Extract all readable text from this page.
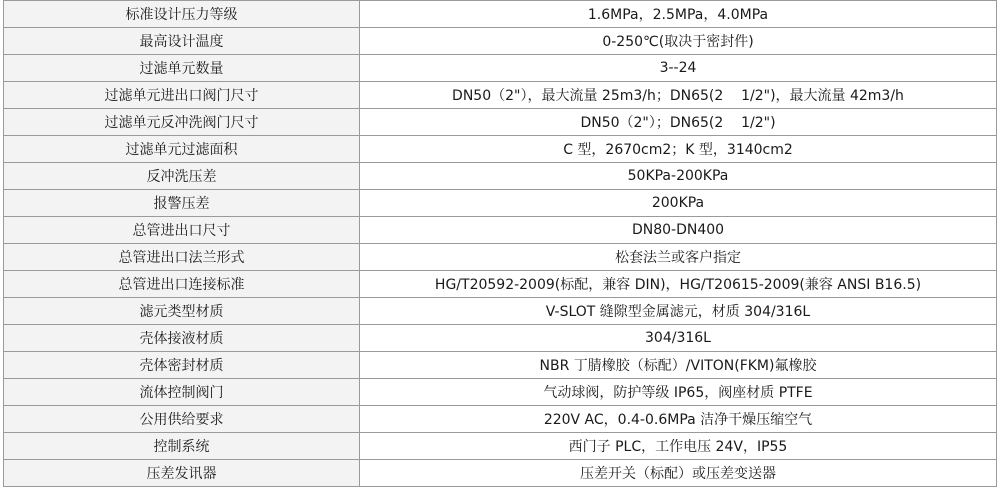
标准设计压力等级	1.6MPa，2.5MPa，4.0MPa
最高设计温度	0-250℃(取决于密封件)
过滤单元数量	3--24
过滤单元进出口阀门尺寸	DN50（2"），最大流量 25m3/h；DN65(2    1/2")，最大流量 42m3/h
过滤单元反冲洗阀门尺寸	DN50（2"）；DN65(2    1/2")
过滤单元过滤面积	C 型，2670cm2；K 型，3140cm2
反冲洗压差	50KPa-200KPa
报警压差	200KPa
总管进出口尺寸	DN80-DN400
总管进出口法兰形式	松套法兰或客户指定
总管进出口连接标准	HG/T20592-2009(标配，兼容 DIN)，HG/T20615-2009(兼容 ANSI B16.5)
滤元类型材质	V-SLOT 缝隙型金属滤元，材质 304/316L
壳体接液材质	304/316L
壳体密封材质	NBR 丁腈橡胶（标配）/VITON(FKM)氟橡胶
流体控制阀门	气动球阀，防护等级 IP65，阀座材质 PTFE
公用供给要求	220V AC，0.4-0.6MPa 洁净干燥压缩空气
控制系统	西门子 PLC，工作电压 24V，IP55
压差发讯器	压差开关（标配）或压差变送器
